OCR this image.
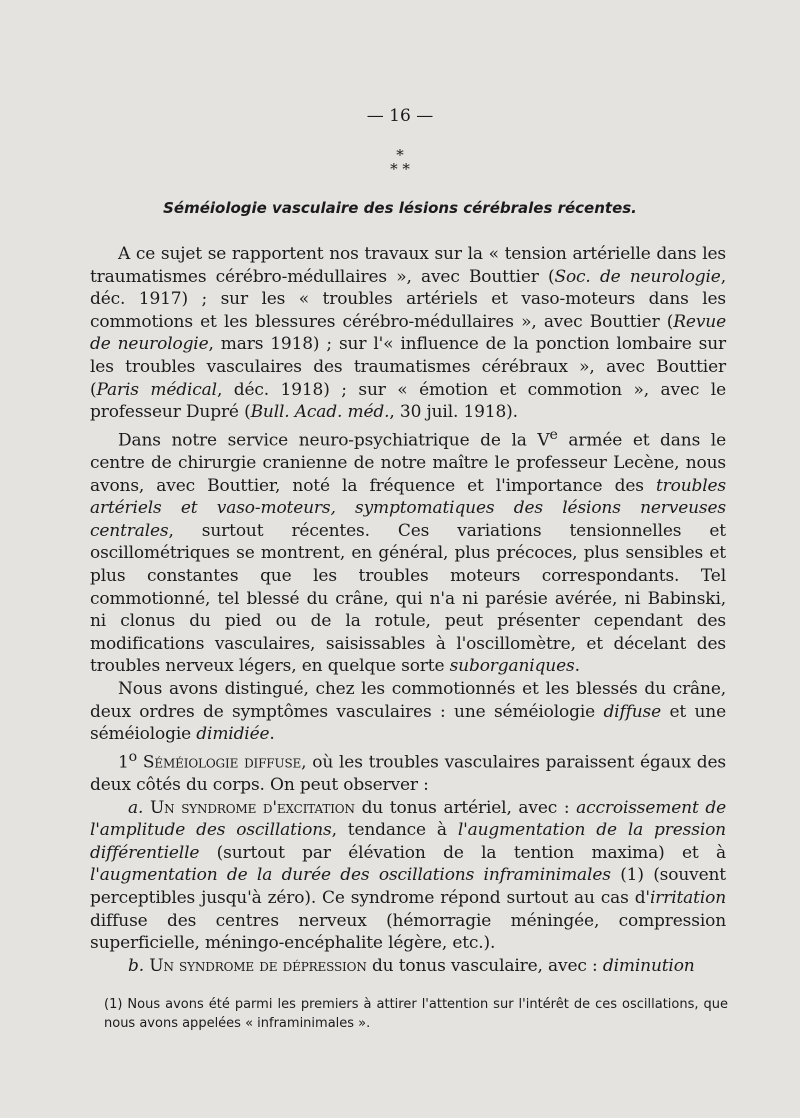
— 16 —
*
* *
Séméiologie vasculaire des lésions cérébrales récentes.

A ce sujet se rapportent nos travaux sur la « tension artérielle dans les traumatismes cérébro-médullaires », avec Bouttier (Soc. de neurologie, déc. 1917) ; sur les « troubles artériels et vaso-moteurs dans les commotions et les blessures cérébro-médullaires », avec Bouttier (Revue de neurologie, mars 1918) ; sur l'« influence de la ponction lombaire sur les troubles vasculaires des traumatismes cérébraux », avec Bouttier (Paris médical, déc. 1918) ; sur « émotion et commotion », avec le professeur Dupré (Bull. Acad. méd., 30 juil. 1918).

Dans notre service neuro-psychiatrique de la Ve armée et dans le centre de chirurgie cranienne de notre maître le professeur Lecène, nous avons, avec Bouttier, noté la fréquence et l'importance des troubles artériels et vaso-moteurs, symptomatiques des lésions nerveuses centrales, surtout récentes. Ces variations tensionnelles et oscillométriques se montrent, en général, plus précoces, plus sensibles et plus constantes que les troubles moteurs correspondants. Tel commotionné, tel blessé du crâne, qui n'a ni parésie avérée, ni Babinski, ni clonus du pied ou de la rotule, peut présenter cependant des modifications vasculaires, saisissables à l'oscillomètre, et décelant des troubles nerveux légers, en quelque sorte suborganiques.

Nous avons distingué, chez les commotionnés et les blessés du crâne, deux ordres de symptômes vasculaires : une séméiologie diffuse et une séméiologie dimidiée.

1$^o$ Séméiologie diffuse, où les troubles vasculaires paraissent égaux des deux côtés du corps. On peut observer :

a. Un syndrome d'excitation du tonus artériel, avec : accroissement de l'amplitude des oscillations, tendance à l'augmentation de la pression différentielle (surtout par élévation de la tention maxima) et à l'augmentation de la durée des oscillations inframinimales (1) (souvent perceptibles jusqu'à zéro). Ce syndrome répond surtout au cas d'irritation diffuse des centres nerveux (hémorragie méningée, compression superficielle, méningo-encéphalite légère, etc.).

b. Un syndrome de dépression du tonus vasculaire, avec : diminution

(1) Nous avons été parmi les premiers à attirer l'attention sur l'intérêt de ces oscillations, que nous avons appelées « inframinimales ».
